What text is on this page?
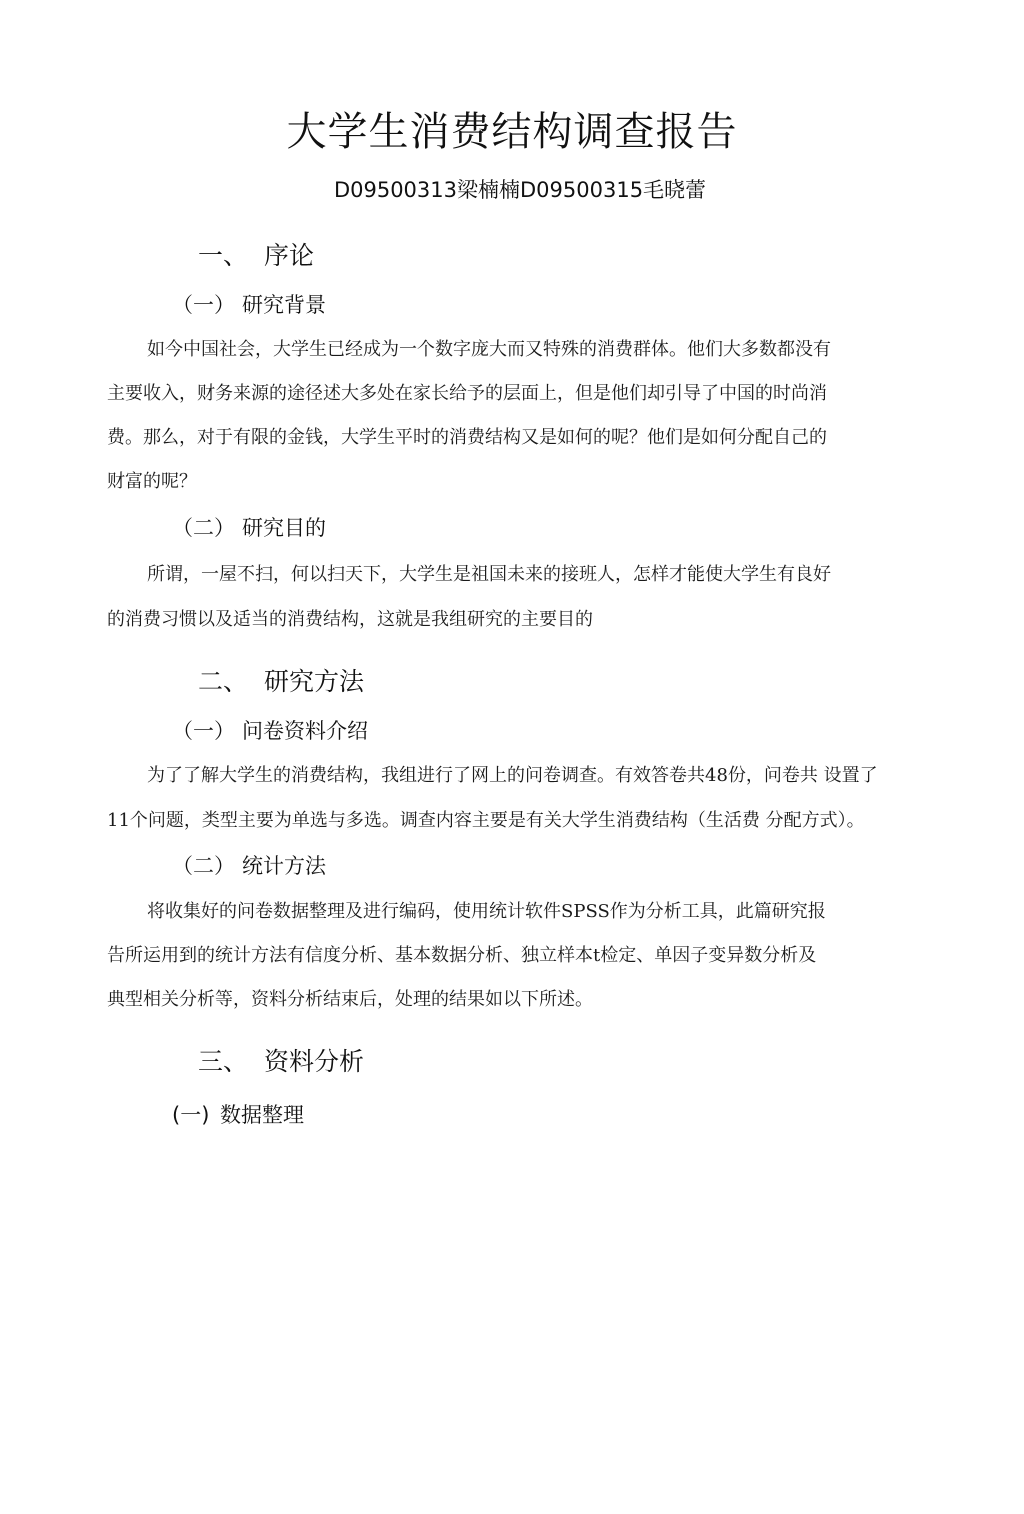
大学生消费结构调查报告
D09500313梁楠楠D09500315毛晓蕾
一、 序论
（一） 研究背景
如今中国社会，大学生已经成为一个数字庞大而又特殊的消费群体。他们大多数都没有
主要收入，财务来源的途径述大多处在家长给予的层面上，但是他们却引导了中国的时尚消
费。那么，对于有限的金钱，大学生平时的消费结构又是如何的呢？他们是如何分配自己的
财富的呢？
（二） 研究目的
所谓，一屋不扫，何以扫天下，大学生是祖国未来的接班人，怎样才能使大学生有良好
的消费习惯以及适当的消费结构，这就是我组研究的主要目的
二、 研究方法
（一） 问卷资料介绍
为了了解大学生的消费结构，我组进行了网上的问卷调查。有效答卷共48份，问卷共 设置了
11个问题，类型主要为单选与多选。调查内容主要是有关大学生消费结构（生活费 分配方式）。
（二） 统计方法
将收集好的问卷数据整理及进行编码，使用统计软件SPSS作为分析工具，此篇研究报
告所运用到的统计方法有信度分析、基本数据分析、独立样本t检定、单因子变异数分析及
典型相关分析等，资料分析结束后，处理的结果如以下所述。
三、 资料分析
(一) 数据整理
